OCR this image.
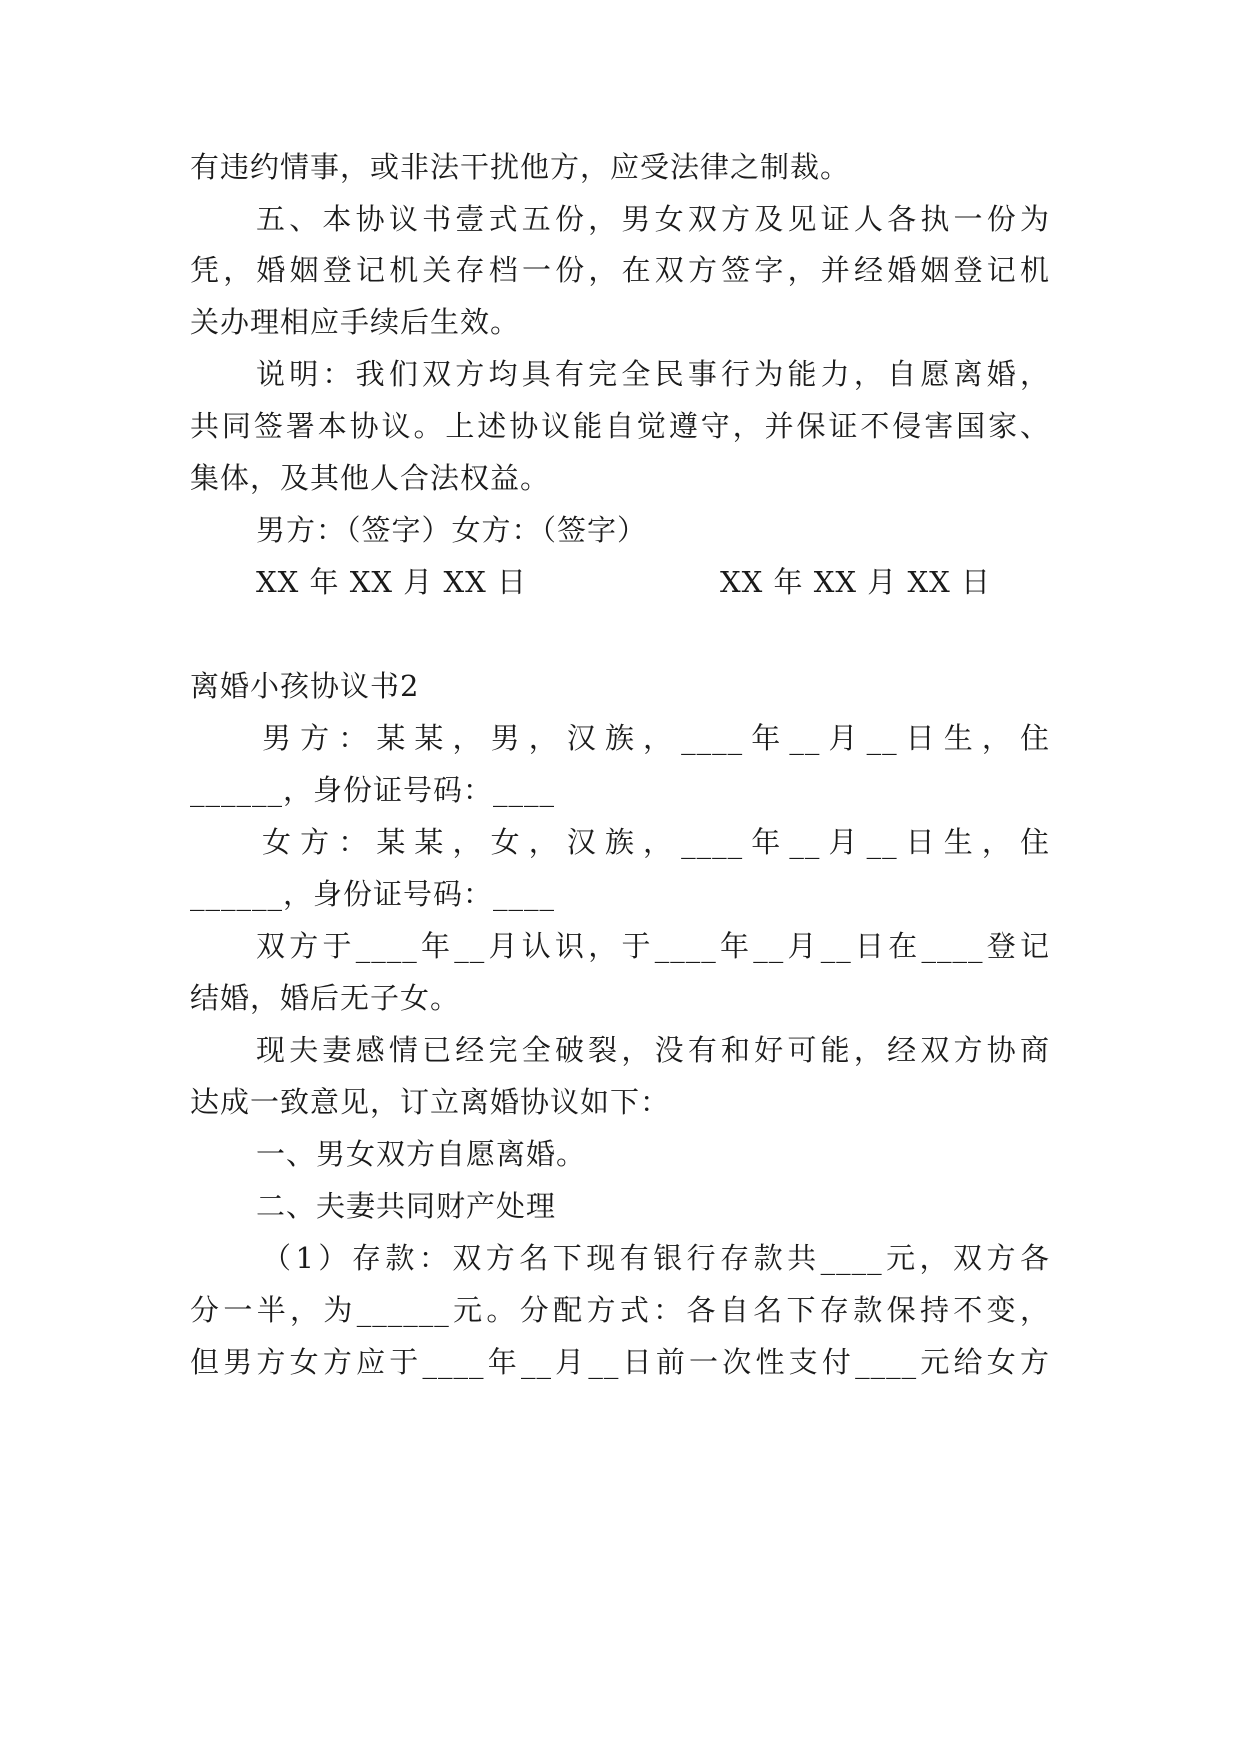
有违约情事，或非法干扰他方，应受法律之制裁。
五、本协议书壹式五份，男女双方及见证人各执一份为
凭，婚姻登记机关存档一份，在双方签字，并经婚姻登记机
关办理相应手续后生效。
说明：我们双方均具有完全民事行为能力，自愿离婚，
共同签署本协议。上述协议能自觉遵守，并保证不侵害国家、
集体，及其他人合法权益。
男方：（签字）女方：（签字）
XX 年 XX 月 XX 日	XX 年 XX 月 XX 日
离婚小孩协议书2
男方：某某，男，汉族，____年__月__日生，住
______，身份证号码：____
女方：某某，女，汉族，____年__月__日生，住
______，身份证号码：____
双方于____年__月认识，于____年__月__日在____登记
结婚，婚后无子女。
现夫妻感情已经完全破裂，没有和好可能，经双方协商
达成一致意见，订立离婚协议如下：
一、男女双方自愿离婚。
二、夫妻共同财产处理
（1）存款：双方名下现有银行存款共____元，双方各
分一半，为______元。分配方式：各自名下存款保持不变，
但男方女方应于____年__月__日前一次性支付____元给女方
